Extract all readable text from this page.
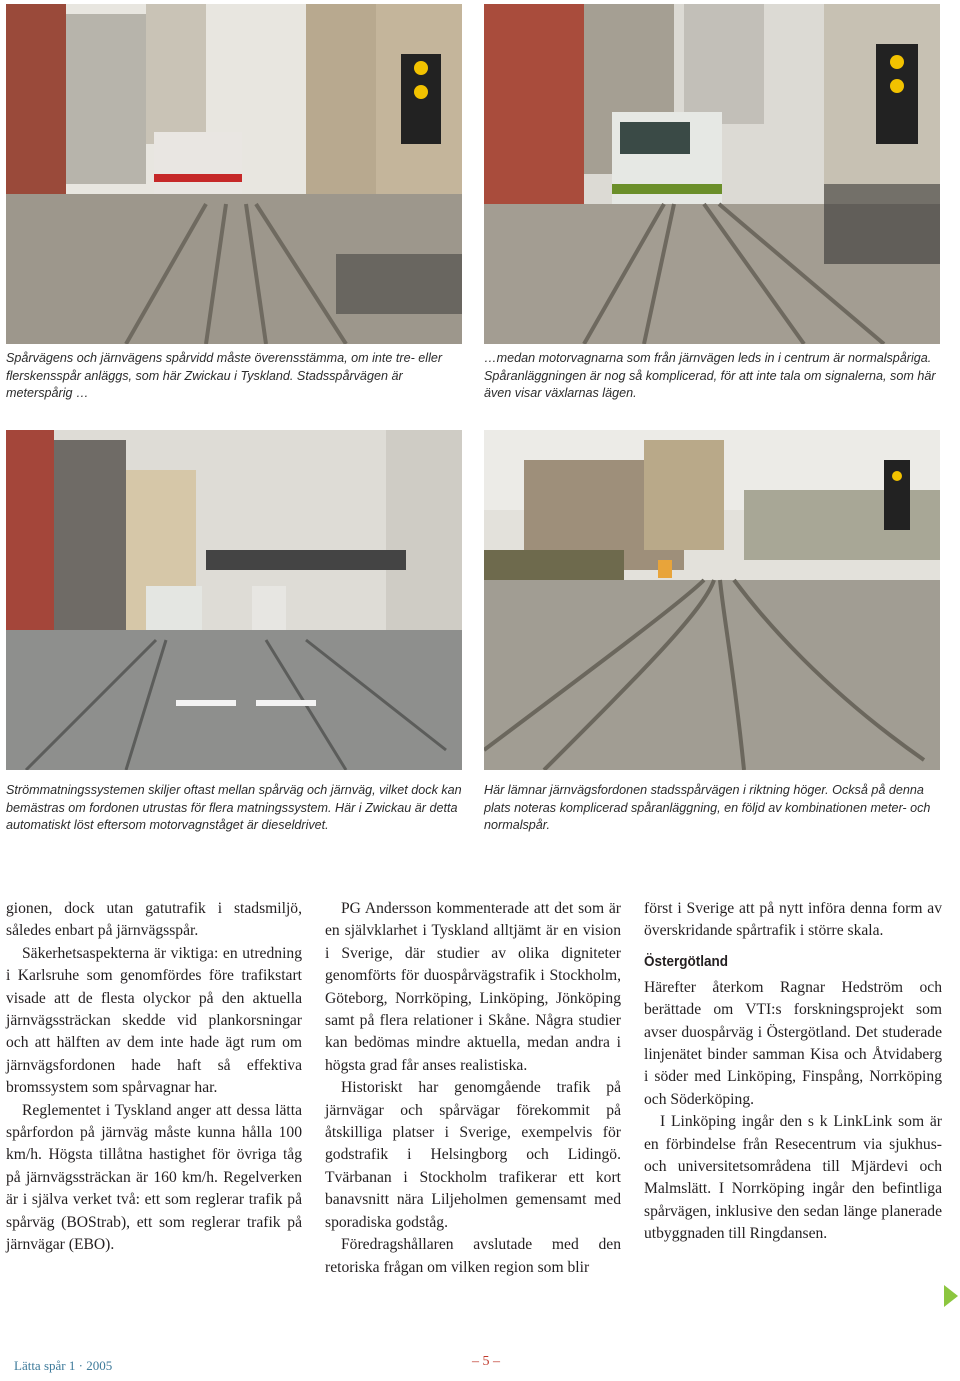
Spårvägens och järnvägens spårvidd måste överensstämma, om inte tre- eller flerskensspår anläggs, som här Zwickau i Tyskland. Stadsspårvägen är meterspårig …

…medan motorvagnarna som från järnvägen leds in i centrum är normalspåriga. Spåranläggningen är nog så komplicerad, för att inte tala om signalerna, som här även visar växlarnas lägen.

Strömmatningssystemen skiljer oftast mellan spårväg och järnväg, vilket dock kan bemästras om fordonen utrustas för flera matningssystem. Här i Zwickau är detta automatiskt löst eftersom motorvagnståget är dieseldrivet.

Här lämnar järnvägsfordonen stadsspårvägen i riktning höger. Också på denna plats noteras komplicerad spåranläggning, en följd av kombinationen meter- och normalspår.

gionen, dock utan gatutrafik i stadsmiljö, således enbart på järnvägsspår.

Säkerhetsaspekterna är viktiga: en utredning i Karlsruhe som genomfördes före trafikstart visade att de flesta olyckor på den aktuella järnvägssträckan skedde vid plankorsningar och att hälften av dem inte hade ägt rum om järnvägsfordonen hade haft så effektiva bromssystem som spårvagnar har.

Reglementet i Tyskland anger att dessa lätta spårfordon på järnväg måste kunna hålla 100 km/h. Högsta tillåtna hastighet för övriga tåg på järnvägssträckan är 160 km/h. Regelverken är i själva verket två: ett som reglerar trafik på spårväg (BOStrab), ett som reglerar trafik på järnvägar (EBO).

PG Andersson kommenterade att det som är en självklarhet i Tyskland alltjämt är en vision i Sverige, där studier av olika digniteter genomförts för duospårvägstrafik i Stockholm, Göteborg, Norrköping, Linköping, Jönköping samt på flera relationer i Skåne. Några studier kan bedömas mindre aktuella, medan andra i högsta grad får anses realistiska.

Historiskt har genomgående trafik på järnvägar och spårvägar förekommit på åtskilliga platser i Sverige, exempelvis för godstrafik i Helsingborg och Lidingö. Tvärbanan i Stockholm trafikerar ett kort banavsnitt nära Liljeholmen gemensamt med sporadiska godståg.

Föredragshållaren avslutade med den retoriska frågan om vilken region som blir

först i Sverige att på nytt införa denna form av överskridande spårtrafik i större skala.

Östergötland

Härefter återkom Ragnar Hedström och berättade om VTI:s forskningsprojekt som avser duospårväg i Östergötland. Det studerade linjenätet binder samman Kisa och Åtvidaberg i söder med Linköping, Finspång, Norrköping och Söderköping.

I Linköping ingår den s k LinkLink som är en förbindelse från Resecentrum via sjukhus- och universitetsområdena till Mjärdevi och Malmslätt. I Norrköping ingår den befintliga spårvägen, inklusive den sedan länge planerade utbyggnaden till Ringdansen.

Lätta spår 1 · 2005	– 5 –
